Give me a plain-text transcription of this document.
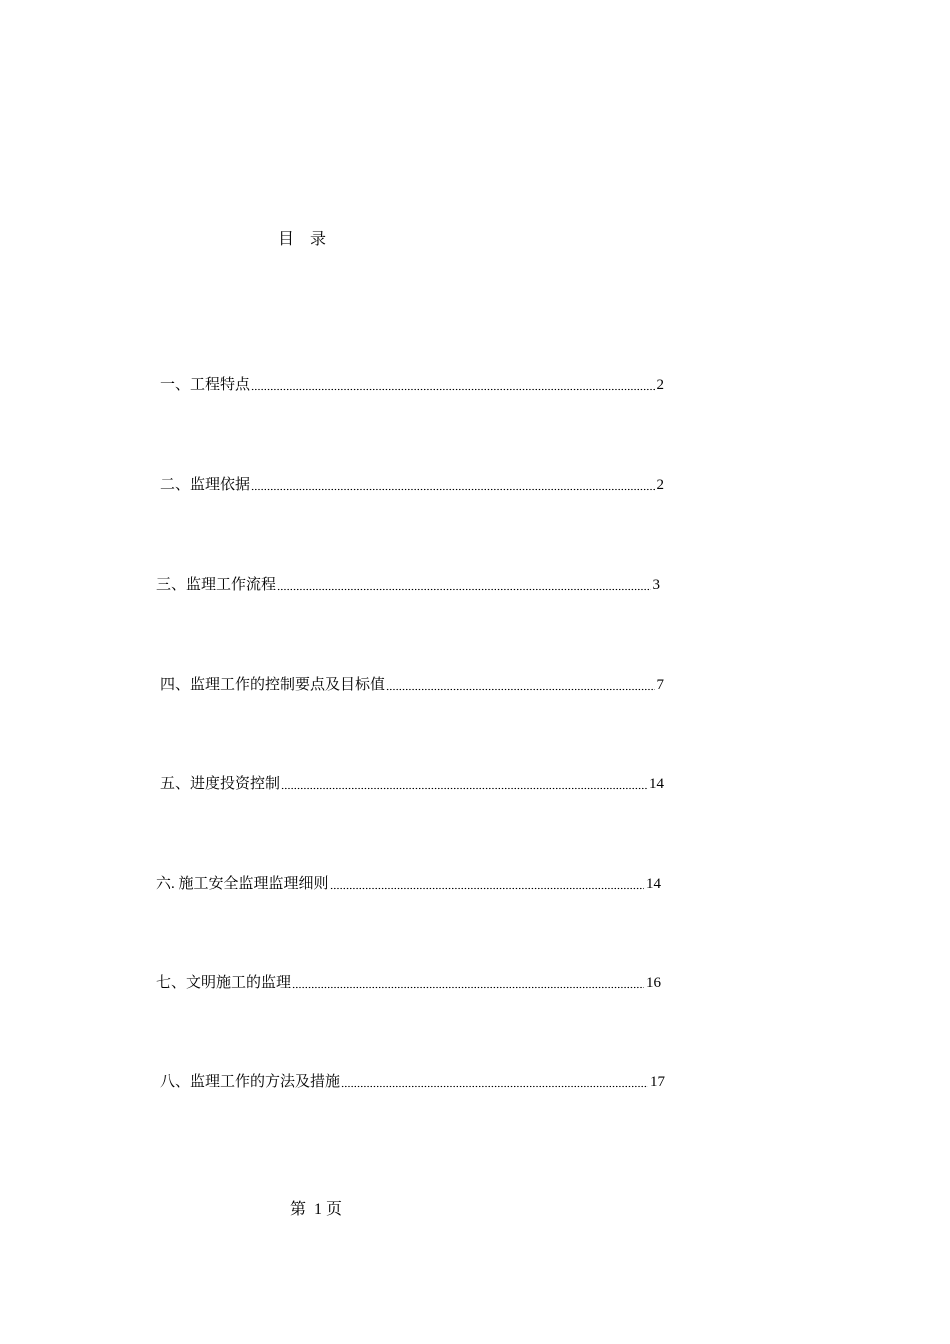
目    录
一、工程特点	2
二、监理依据	2
三、监理工作流程	3
四、监理工作的控制要点及目标值	7
五、进度投资控制	14
六. 施工安全监理监理细则	14
七、文明施工的监理	16
八、监理工作的方法及措施	17
第  1 页
